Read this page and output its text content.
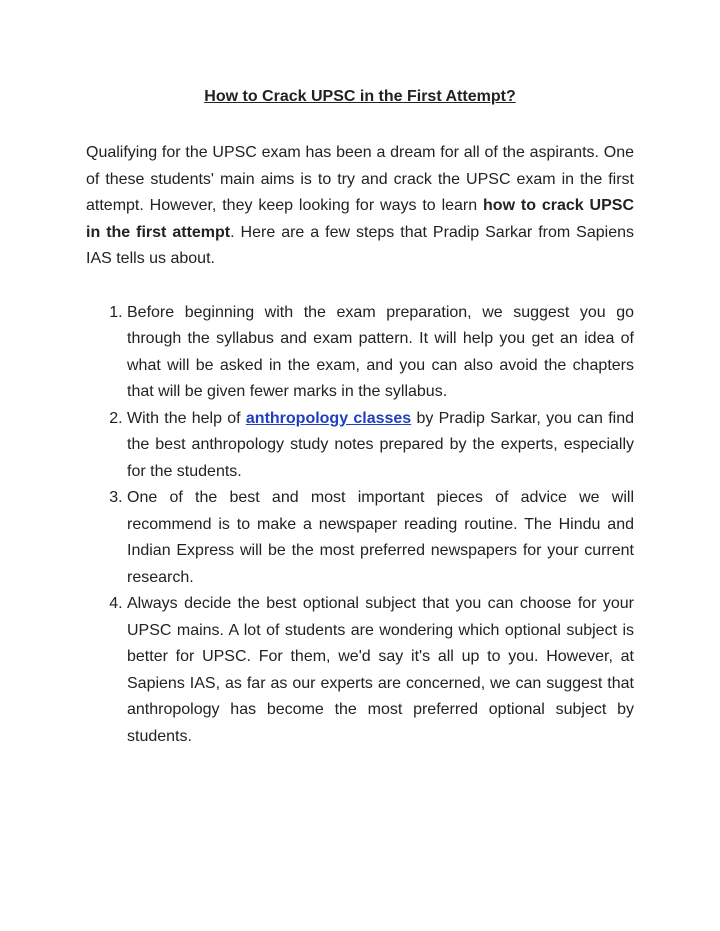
How to Crack UPSC in the First Attempt?

Qualifying for the UPSC exam has been a dream for all of the aspirants. One of these students' main aims is to try and crack the UPSC exam in the first attempt. However, they keep looking for ways to learn how to crack UPSC in the first attempt. Here are a few steps that Pradip Sarkar from Sapiens IAS tells us about.

1. Before beginning with the exam preparation, we suggest you go through the syllabus and exam pattern. It will help you get an idea of what will be asked in the exam, and you can also avoid the chapters that will be given fewer marks in the syllabus.
2. With the help of anthropology classes by Pradip Sarkar, you can find the best anthropology study notes prepared by the experts, especially for the students.
3. One of the best and most important pieces of advice we will recommend is to make a newspaper reading routine. The Hindu and Indian Express will be the most preferred newspapers for your current research.
4. Always decide the best optional subject that you can choose for your UPSC mains. A lot of students are wondering which optional subject is better for UPSC. For them, we'd say it's all up to you. However, at Sapiens IAS, as far as our experts are concerned, we can suggest that anthropology has become the most preferred optional subject by students.
